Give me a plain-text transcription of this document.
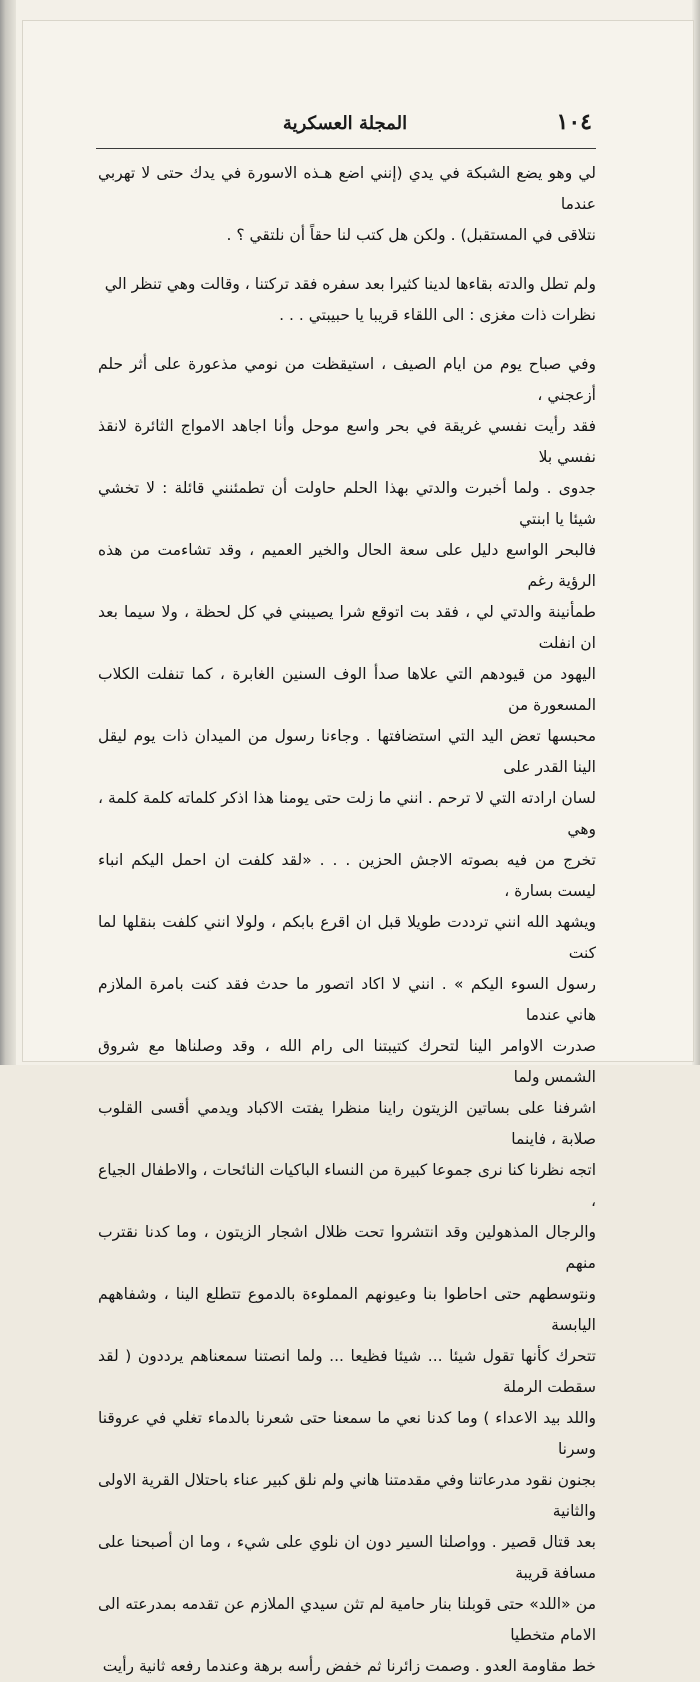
١٠٤
المجلة العسكرية

لي وهو يضع الشبكة في يدي (إنني اضع هـذه الاسورة في يدك حتى لا تهربي عندما
نتلاقى في المستقبل) . ولكن هل كتب لنا حقاً أن نلتقي ؟ .

ولم تطل والدته بقاءها لدينا كثيرا بعد سفره فقد تركتنا ، وقالت وهي تنظر الي
نظرات ذات مغزى : الى اللقاء قريبا يا حبيبتي . . .

وفي صباح يوم من ايام الصيف ، استيقظت من نومي مذعورة على أثر حلم أزعجني ،
فقد رأيت نفسي غريقة في بحر واسع موحل وأنا اجاهد الامواج الثائرة لانقذ نفسي بلا
جدوى . ولما أخبرت والدتي بهذا الحلم حاولت أن تطمئنني قائلة : لا تخشي شيئا يا ابنتي
فالبحر الواسع دليل على سعة الحال والخير العميم ، وقد تشاءمت من هذه الرؤية رغم
طمأنينة والدتي لي ، فقد بت اتوقع شرا يصيبني في كل لحظة ، ولا سيما بعد ان انفلت
اليهود من قيودهم التي علاها صدأ الوف السنين الغابرة ، كما تنفلت الكلاب المسعورة من
محبسها تعض اليد التي استضافتها . وجاءنا رسول من الميدان ذات يوم ليقل الينا القدر على
لسان ارادته التي لا ترحم . انني ما زلت حتى يومنا هذا اذكر كلماته كلمة كلمة ، وهي
تخرج من فيه بصوته الاجش الحزين . . . «لقد كلفت ان احمل اليكم انباء ليست بسارة ،
ويشهد الله انني ترددت طويلا قبل ان اقرع بابكم ، ولولا انني كلفت بنقلها لما كنت
رسول السوء اليكم » . انني لا اكاد اتصور ما حدث فقد كنت بامرة الملازم هاني عندما
صدرت الاوامر الينا لتحرك كتيبتنا الى رام الله ، وقد وصلناها مع شروق الشمس ولما
اشرفنا على بساتين الزيتون راينا منظرا يفتت الاكباد ويدمي أقسى القلوب صلابة ، فاينما
اتجه نظرنا كنا نرى جموعا كبيرة من النساء الباكيات النائحات ، والاطفال الجياع ،
والرجال المذهولين وقد انتشروا تحت ظلال اشجار الزيتون ، وما كدنا نقترب منهم
ونتوسطهم حتى احاطوا بنا وعيونهم المملوءة بالدموع تتطلع الينا ، وشفاههم اليابسة
تتحرك كأنها تقول شيئا ... شيئا فظيعا ... ولما انصتنا سمعناهم يرددون ( لقد سقطت الرملة
واللد بيد الاعداء ) وما كدنا نعي ما سمعنا حتى شعرنا بالدماء تغلي في عروقنا وسرنا
بجنون نقود مدرعاتنا وفي مقدمتنا هاني ولم نلق كبير عناء باحتلال القرية الاولى والثانية
بعد قتال قصير . وواصلنا السير دون ان نلوي على شيء ، وما ان أصبحنا على مسافة قريبة
من «اللد» حتى قوبلنا بنار حامية لم تثن سيدي الملازم عن تقدمه بمدرعته الى الامام متخطيا
خط مقاومة العدو . وصمت زائرنا ثم خفض رأسه برهة وعندما رفعه ثانية رأيت
